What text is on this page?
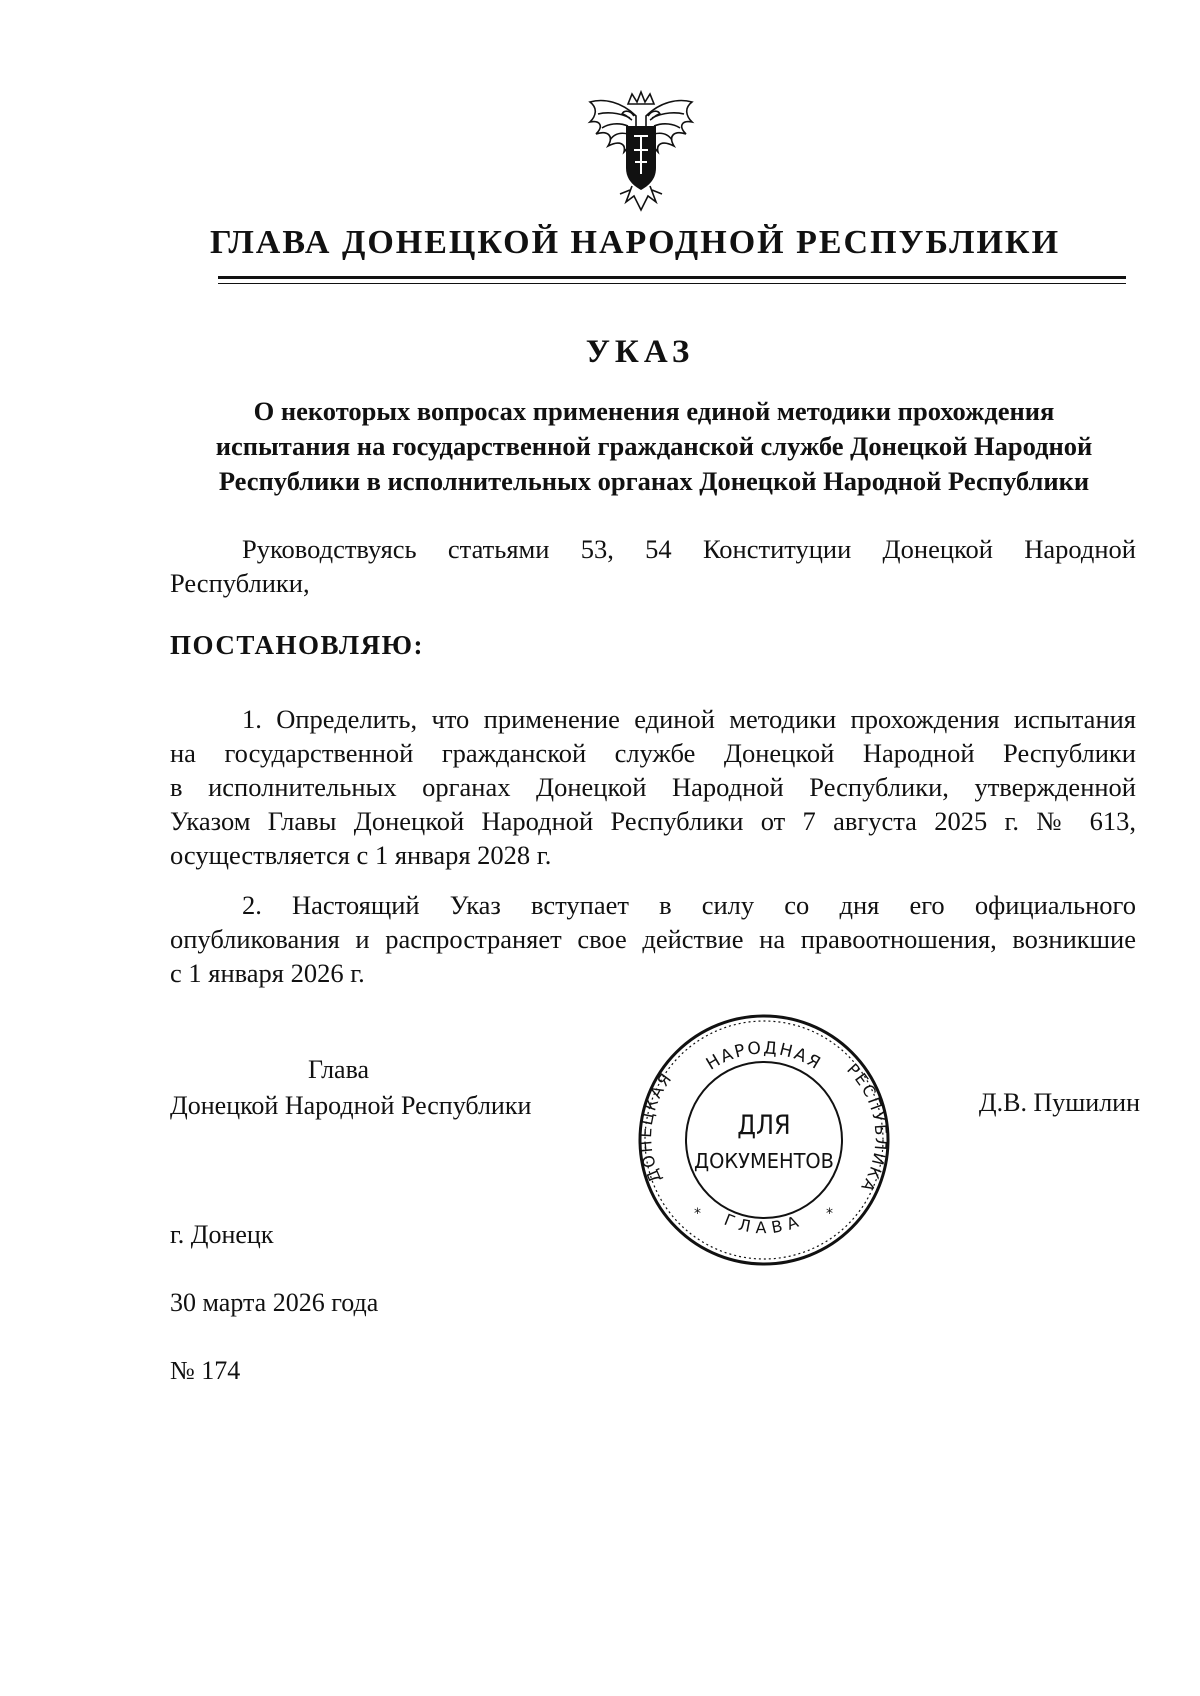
ГЛАВА ДОНЕЦКОЙ НАРОДНОЙ РЕСПУБЛИКИ
УКАЗ
О некоторых вопросах применения единой методики прохождения
испытания на государственной гражданской службе Донецкой Народной
Республики в исполнительных органах Донецкой Народной Республики
Руководствуясь статьями 53, 54 Конституции Донецкой Народной
Республики,
ПОСТАНОВЛЯЮ:
1. Определить, что применение единой методики прохождения испытания
на государственной гражданской службе Донецкой Народной Республики
в исполнительных органах Донецкой Народной Республики, утвержденной
Указом Главы Донецкой Народной Республики от 7 августа 2025 г. № 613,
осуществляется с 1 января 2028 г.
2. Настоящий Указ вступает в силу со дня его официального
опубликования и распространяет свое действие на правоотношения, возникшие
с 1 января 2026 г.
Глава
Донецкой Народной Республики	Д.В. Пушилин
НАРОДНАЯ
ДОНЕЦКАЯ	РЕСПУБЛИКА
ГЛАВА
*	*
ДЛЯ
ДОКУМЕНТОВ
г. Донецк
30 марта 2026 года
№ 174
